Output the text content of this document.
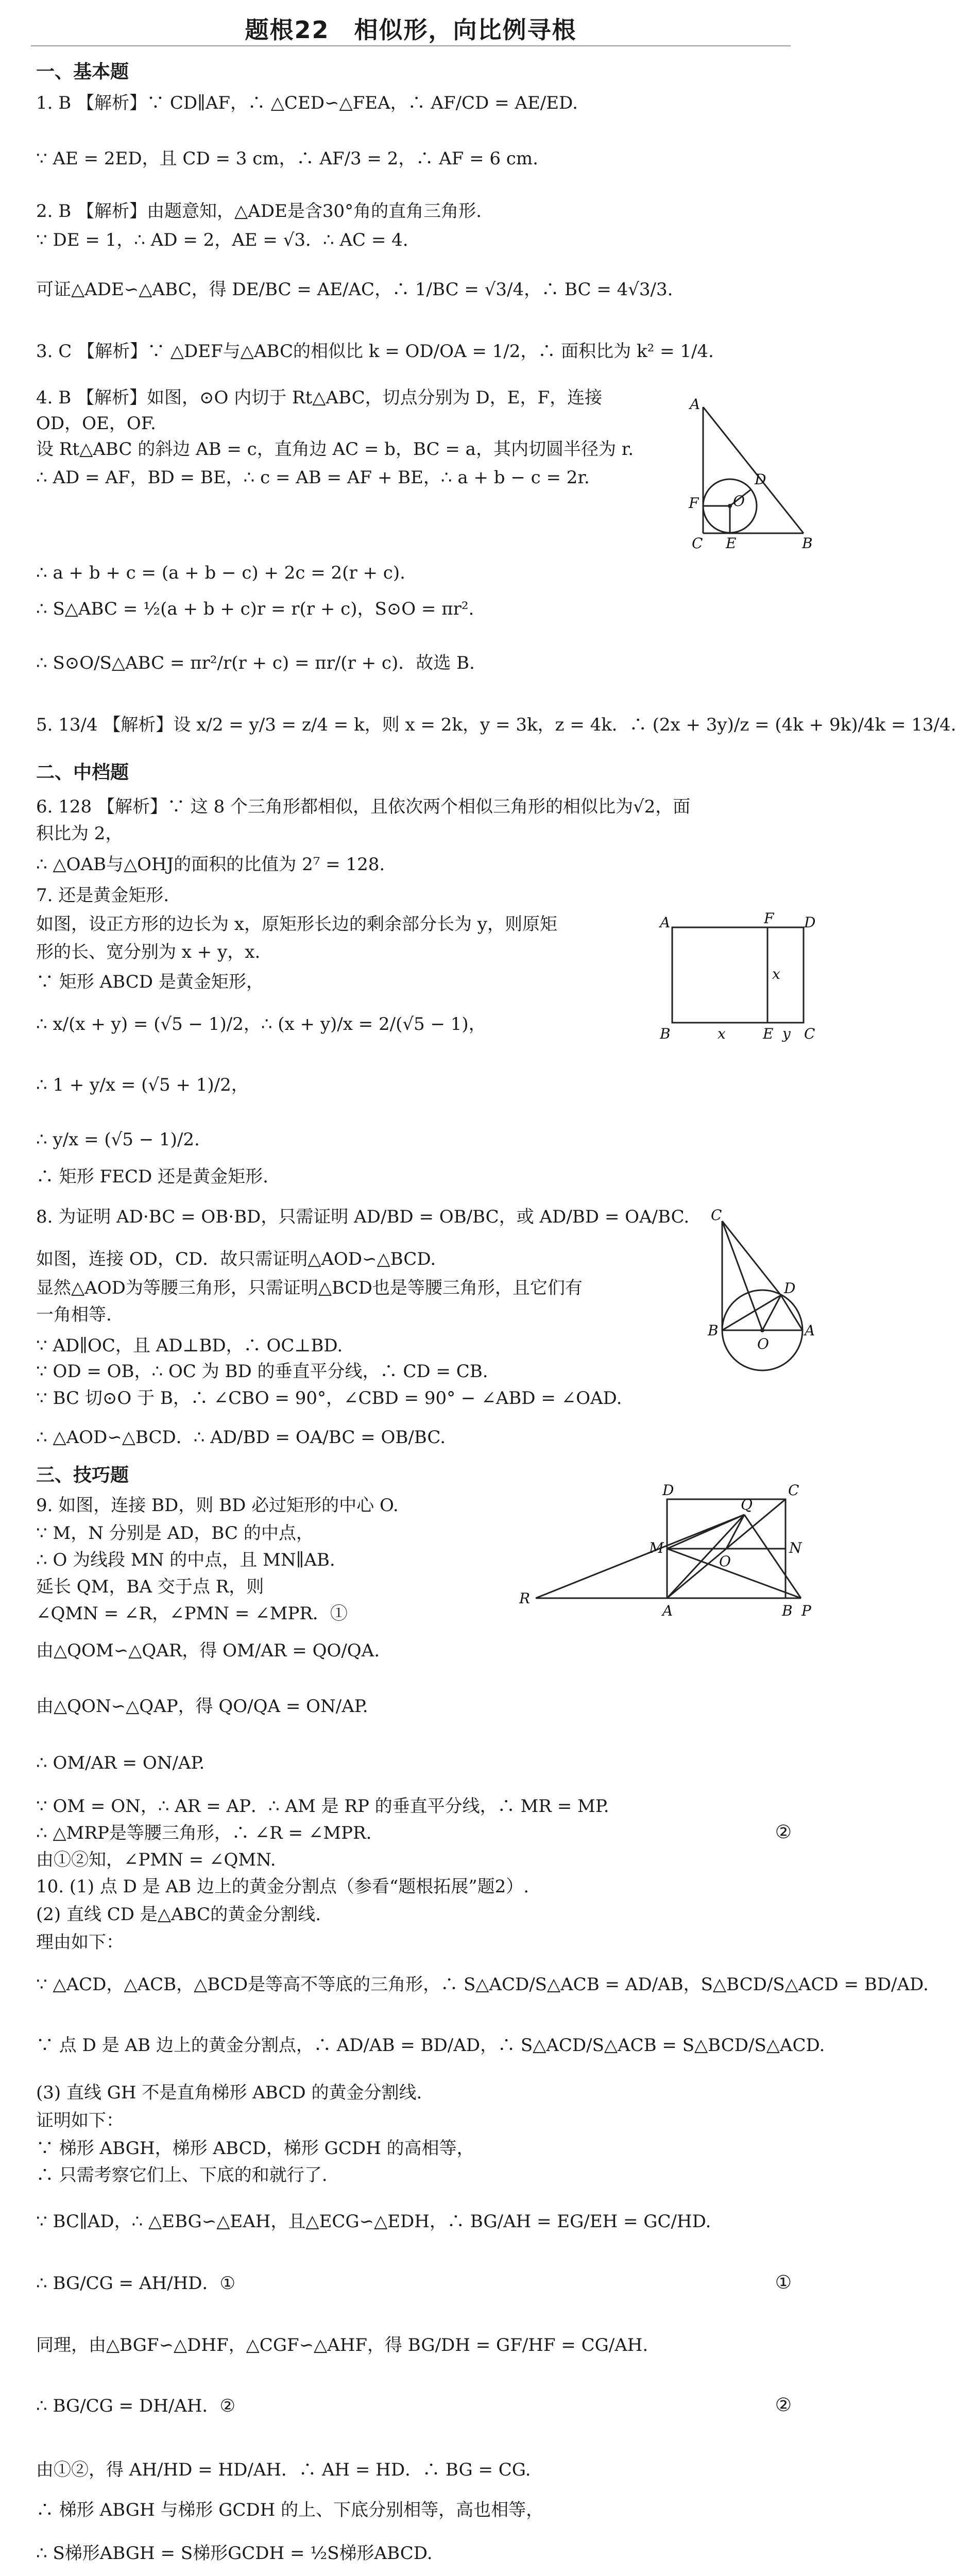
题根22　相似形，向比例寻根
一、基本题
1. B 【解析】∵ CD∥AF，∴ △CED∽△FEA，∴ AF/CD = AE/ED.
∵ AE = 2ED，且 CD = 3 cm，∴ AF/3 = 2，∴ AF = 6 cm.
2. B 【解析】由题意知，△ADE是含30°角的直角三角形.
∵ DE = 1，∴ AD = 2，AE = √3．∴ AC = 4.
可证△ADE∽△ABC，得 DE/BC = AE/AC，∴ 1/BC = √3/4，∴ BC = 4√3/3.
3. C 【解析】∵ △DEF与△ABC的相似比 k = OD/OA = 1/2，∴ 面积比为 k² = 1/4.
4. B 【解析】如图，⊙O 内切于 Rt△ABC，切点分别为 D，E，F，连接
OD，OE，OF.
设 Rt△ABC 的斜边 AB = c，直角边 AC = b，BC = a，其内切圆半径为 r.
∴ AD = AF，BD = BE，∴ c = AB = AF + BE，∴ a + b − c = 2r.
∴ a + b + c = (a + b − c) + 2c = 2(r + c).
∴ S△ABC = ½(a + b + c)r = r(r + c)，S⊙O = πr².
∴ S⊙O/S△ABC = πr²/r(r + c) = πr/(r + c)．故选 B.
5. 13/4 【解析】设 x/2 = y/3 = z/4 = k，则 x = 2k，y = 3k，z = 4k．∴ (2x + 3y)/z = (4k + 9k)/4k = 13/4.
A
D
F O
C E	B
二、中档题
6. 128 【解析】∵ 这 8 个三角形都相似，且依次两个相似三角形的相似比为√2，面
积比为 2，
∴ △OAB与△OHJ的面积的比值为 2⁷ = 128.
7. 还是黄金矩形.
如图，设正方形的边长为 x，原矩形长边的剩余部分长为 y，则原矩
形的长、宽分别为 x + y，x.
∵ 矩形 ABCD 是黄金矩形，
∴ x/(x + y) = (√5 − 1)/2，∴ (x + y)/x = 2/(√5 − 1)，
∴ 1 + y/x = (√5 + 1)/2，
∴ y/x = (√5 − 1)/2.
∴ 矩形 FECD 还是黄金矩形.
A	F D
x
B	x	E y C
8. 为证明 AD·BC = OB·BD，只需证明 AD/BD = OB/BC，或 AD/BD = OA/BC.
如图，连接 OD，CD．故只需证明△AOD∽△BCD.
显然△AOD为等腰三角形，只需证明△BCD也是等腰三角形，且它们有
一角相等.
∵ AD∥OC，且 AD⊥BD，∴ OC⊥BD.
∵ OD = OB，∴ OC 为 BD 的垂直平分线，∴ CD = CB.
∵ BC 切⊙O 于 B，∴ ∠CBO = 90°，∠CBD = 90° − ∠ABD = ∠OAD.
∴ △AOD∽△BCD．∴ AD/BD = OA/BC = OB/BC.
C
D
B
O
A
三、技巧题
9. 如图，连接 BD，则 BD 必过矩形的中心 O.
∵ M，N 分别是 AD，BC 的中点，
∴ O 为线段 MN 的中点，且 MN∥AB.
延长 QM，BA 交于点 R，则
∠QMN = ∠R，∠PMN = ∠MPR．①
由△QOM∽△QAR，得 OM/AR = QO/QA.
由△QON∽△QAP，得 QO/QA = ON/AP.
∴ OM/AR = ON/AP.
∵ OM = ON，∴ AR = AP．∴ AM 是 RP 的垂直平分线，∴ MR = MP.
∴ △MRP是等腰三角形，∴ ∠R = ∠MPR.	②
由①②知，∠PMN = ∠QMN.
D
Q
C
M	N
O
R
A	B P
10. (1) 点 D 是 AB 边上的黄金分割点（参看“题根拓展”题2）.
(2) 直线 CD 是△ABC的黄金分割线.
理由如下：
∵ △ACD，△ACB，△BCD是等高不等底的三角形，∴ S△ACD/S△ACB = AD/AB，S△BCD/S△ACD = BD/AD.
∵ 点 D 是 AB 边上的黄金分割点，∴ AD/AB = BD/AD，∴ S△ACD/S△ACB = S△BCD/S△ACD.
(3) 直线 GH 不是直角梯形 ABCD 的黄金分割线.
证明如下：
∵ 梯形 ABGH，梯形 ABCD，梯形 GCDH 的高相等，
∴ 只需考察它们上、下底的和就行了.
∵ BC∥AD，∴ △EBG∽△EAH，且△ECG∽△EDH，∴ BG/AH = EG/EH = GC/HD.
∴ BG/CG = AH/HD．①	①
同理，由△BGF∽△DHF，△CGF∽△AHF，得 BG/DH = GF/HF = CG/AH.
∴ BG/CG = DH/AH．②	②
由①②，得 AH/HD = HD/AH．∴ AH = HD．∴ BG = CG.
∴ 梯形 ABGH 与梯形 GCDH 的上、下底分别相等，高也相等，
∴ S梯形ABGH = S梯形GCDH = ½S梯形ABCD.
